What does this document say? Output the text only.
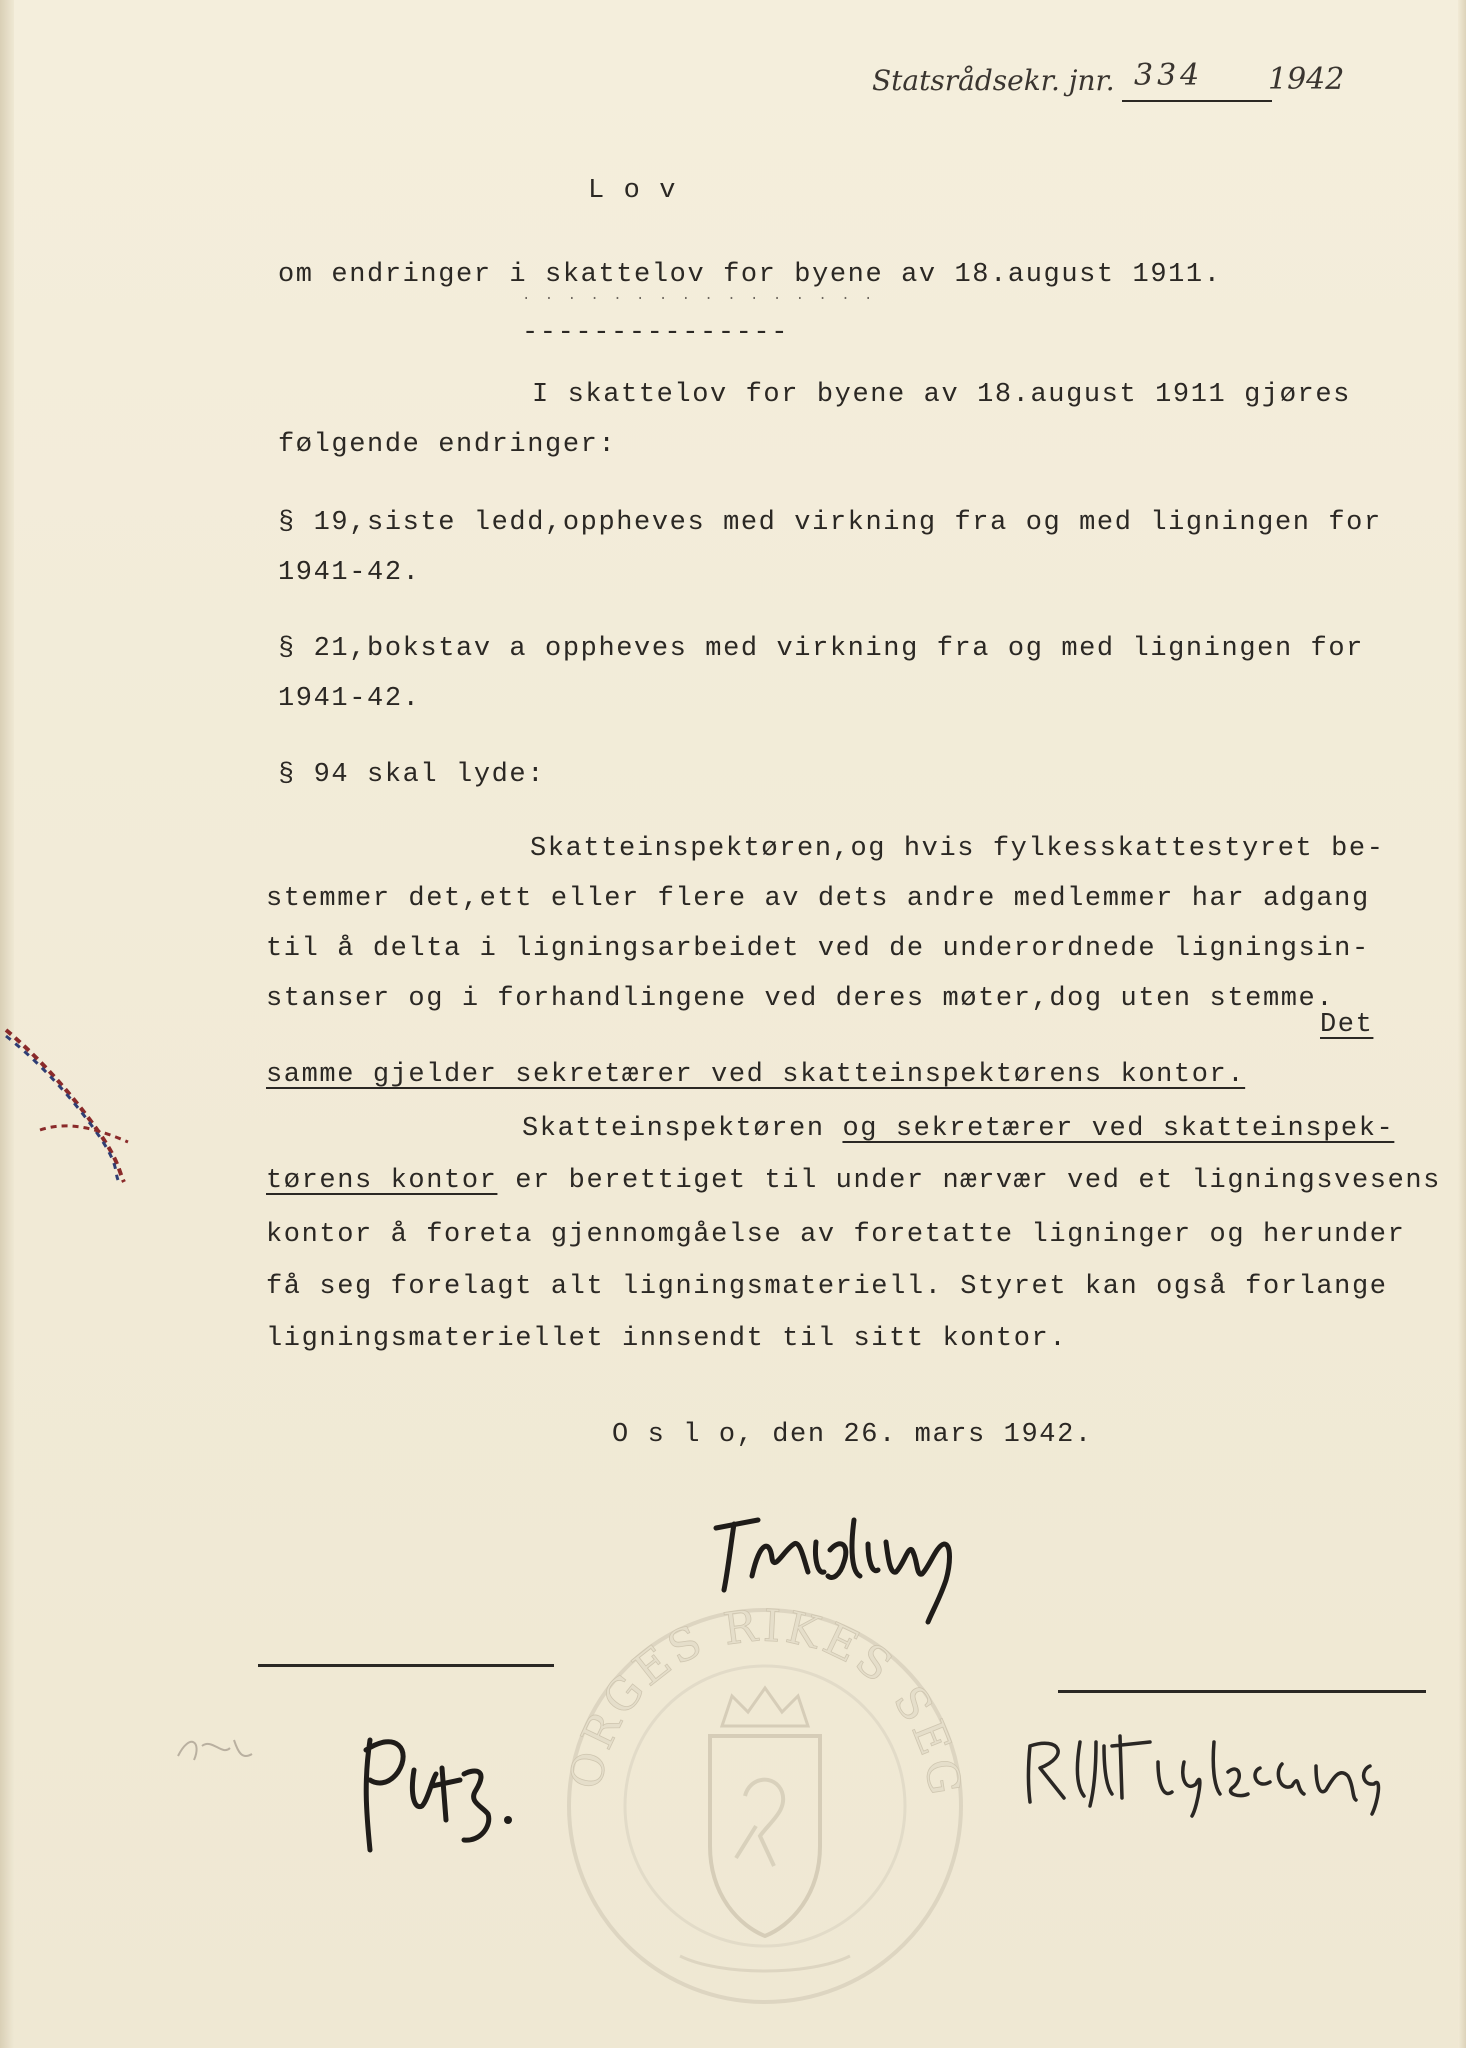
Statsrådsekr. jnr. 334 1942
L o v
om endringer i skattelov for byene av 18.august 1911.
· · · · · · · · · · · · · · · ·
---------------
I skattelov for byene av 18.august 1911 gjøres
følgende endringer:
§ 19,siste ledd,oppheves med virkning fra og med ligningen for
1941-42.
§ 21,bokstav a oppheves med virkning fra og med ligningen for
1941-42.
§ 94 skal lyde:
Skatteinspektøren,og hvis fylkesskattestyret be-
stemmer det,ett eller flere av dets andre medlemmer har adgang
til å delta i ligningsarbeidet ved de underordnede ligningsin-
stanser og i forhandlingene ved deres møter,dog uten stemme.
Det
samme gjelder sekretærer ved skatteinspektørens kontor.
Skatteinspektøren og sekretærer ved skatteinspek-
tørens kontor er berettiget til under nærvær ved et ligningsvesens
kontor å foreta gjennomgåelse av foretatte ligninger og herunder
få seg forelagt alt ligningsmateriell. Styret kan også forlange
ligningsmateriellet innsendt til sitt kontor.
O s l o, den 26. mars 1942.
NORGES RIKES SEGL
